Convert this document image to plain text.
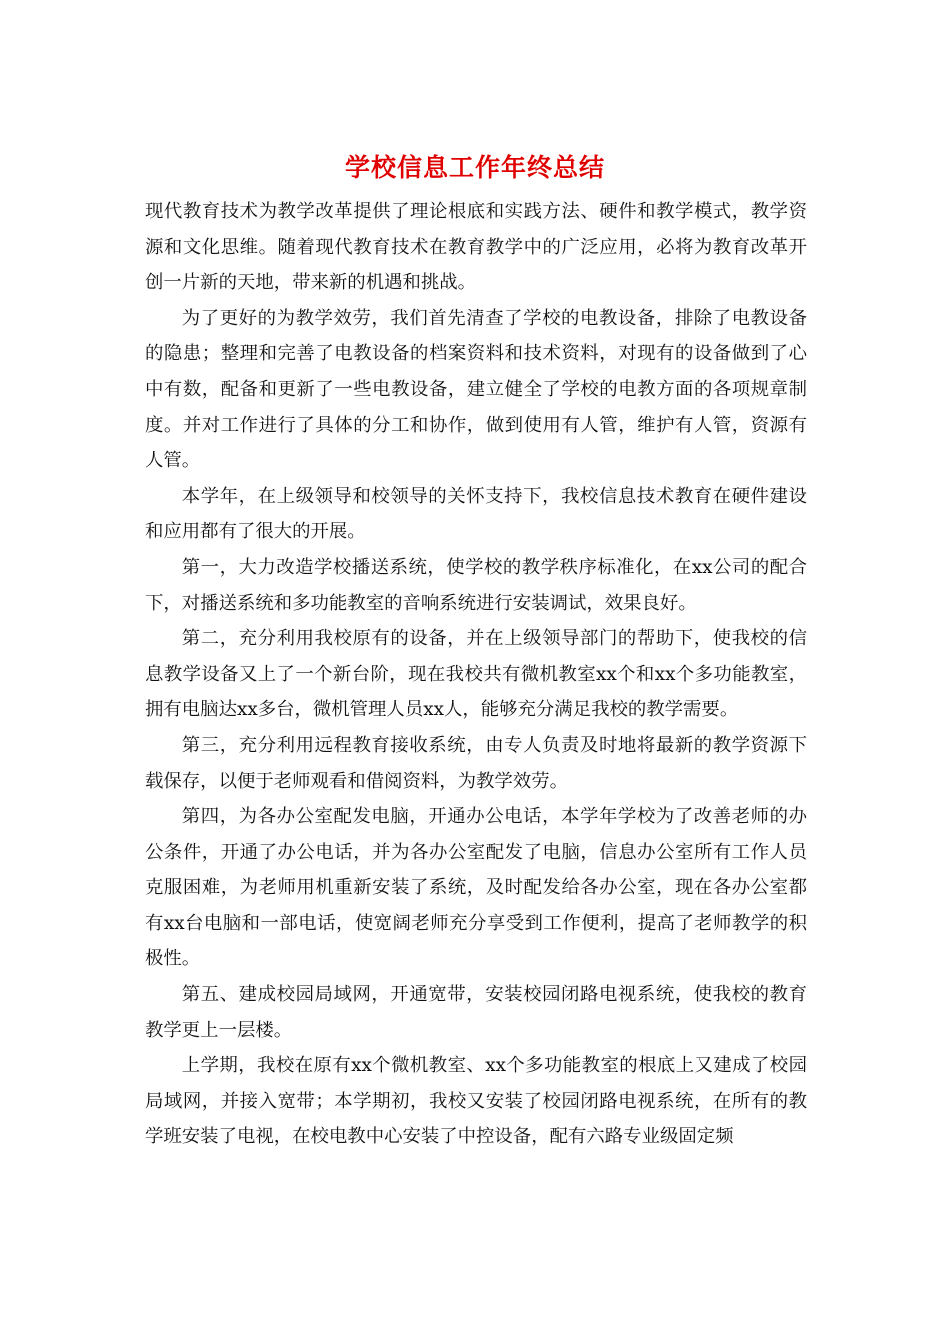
学校信息工作年终总结

现代教育技术为教学改革提供了理论根底和实践方法、硬件和教学模式，教学资源和文化思维。随着现代教育技术在教育教学中的广泛应用，必将为教育改革开创一片新的天地，带来新的机遇和挑战。

为了更好的为教学效劳，我们首先清查了学校的电教设备，排除了电教设备的隐患；整理和完善了电教设备的档案资料和技术资料，对现有的设备做到了心中有数，配备和更新了一些电教设备，建立健全了学校的电教方面的各项规章制度。并对工作进行了具体的分工和协作，做到使用有人管，维护有人管，资源有人管。

本学年，在上级领导和校领导的关怀支持下，我校信息技术教育在硬件建设和应用都有了很大的开展。

第一，大力改造学校播送系统，使学校的教学秩序标准化，在xx公司的配合下，对播送系统和多功能教室的音响系统进行安装调试，效果良好。

第二，充分利用我校原有的设备，并在上级领导部门的帮助下，使我校的信息教学设备又上了一个新台阶，现在我校共有微机教室xx个和xx个多功能教室，拥有电脑达xx多台，微机管理人员xx人，能够充分满足我校的教学需要。

第三，充分利用远程教育接收系统，由专人负责及时地将最新的教学资源下载保存，以便于老师观看和借阅资料，为教学效劳。

第四，为各办公室配发电脑，开通办公电话，本学年学校为了改善老师的办公条件，开通了办公电话，并为各办公室配发了电脑，信息办公室所有工作人员克服困难，为老师用机重新安装了系统，及时配发给各办公室，现在各办公室都有xx台电脑和一部电话，使宽阔老师充分享受到工作便利，提高了老师教学的积极性。

第五、建成校园局域网，开通宽带，安装校园闭路电视系统，使我校的教育教学更上一层楼。

上学期，我校在原有xx个微机教室、xx个多功能教室的根底上又建成了校园局域网，并接入宽带；本学期初，我校又安装了校园闭路电视系统，在所有的教学班安装了电视，在校电教中心安装了中控设备，配有六路专业级固定频
